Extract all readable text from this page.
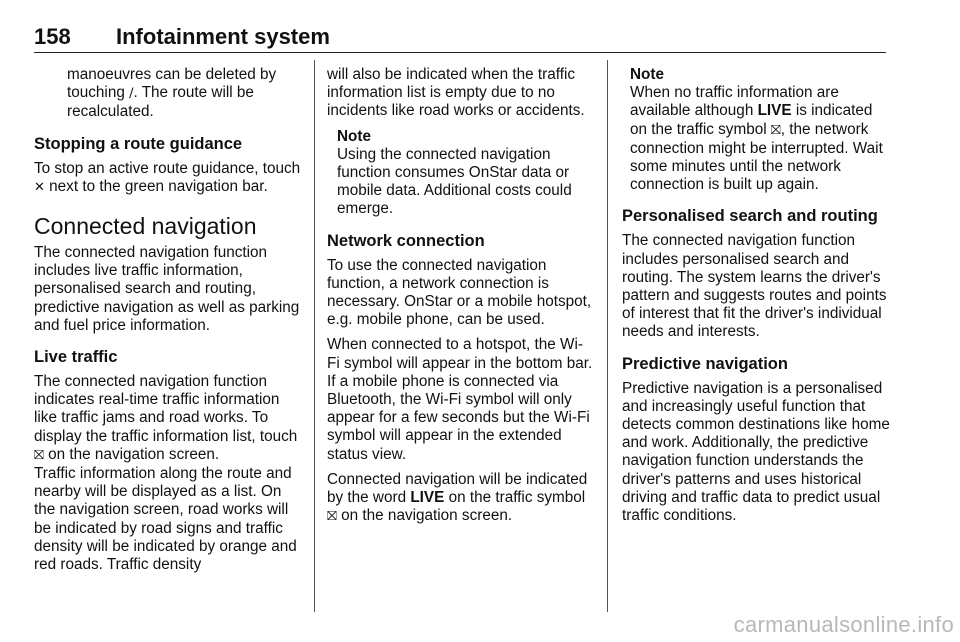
158 Infotainment system
manoeuvres can be deleted by
touching ∕. The route will be
recalculated.
Stopping a route guidance

To stop an active route guidance, touch ✕ next to the green navigation bar.

Connected navigation

The connected navigation function includes live traffic information, personalised search and routing, predictive navigation as well as parking and fuel price information.

Live traffic
The connected navigation function indicates real-time traffic information like traffic jams and road works. To display the traffic information list, touch ⛝ on the navigation screen.
Traffic information along the route and nearby will be displayed as a list. On the navigation screen, road works will be indicated by road signs and traffic density will be indicated by orange and red roads. Traffic density

will also be indicated when the traffic information list is empty due to no incidents like road works or accidents.

Note
Using the connected navigation function consumes OnStar data or mobile data. Additional costs could emerge.
Network connection

To use the connected navigation function, a network connection is necessary. OnStar or a mobile hotspot, e.g. mobile phone, can be used.

When connected to a hotspot, the Wi-Fi symbol will appear in the bottom bar. If a mobile phone is connected via Bluetooth, the Wi-Fi symbol will only appear for a few seconds but the Wi-Fi symbol will appear in the extended status view.

Connected navigation will be indicated by the word LIVE on the traffic symbol ⛝ on the navigation screen.

Note
When no traffic information are available although LIVE is indicated on the traffic symbol ⛝, the network connection might be interrupted. Wait some minutes until the network connection is built up again.
Personalised search and routing

The connected navigation function includes personalised search and routing. The system learns the driver's pattern and suggests routes and points of interest that fit the driver's individual needs and interests.

Predictive navigation

Predictive navigation is a personalised and increasingly useful function that detects common destinations like home and work. Additionally, the predictive navigation function understands the driver's patterns and uses historical driving and traffic data to predict usual traffic conditions.

carmanualsonline.info
